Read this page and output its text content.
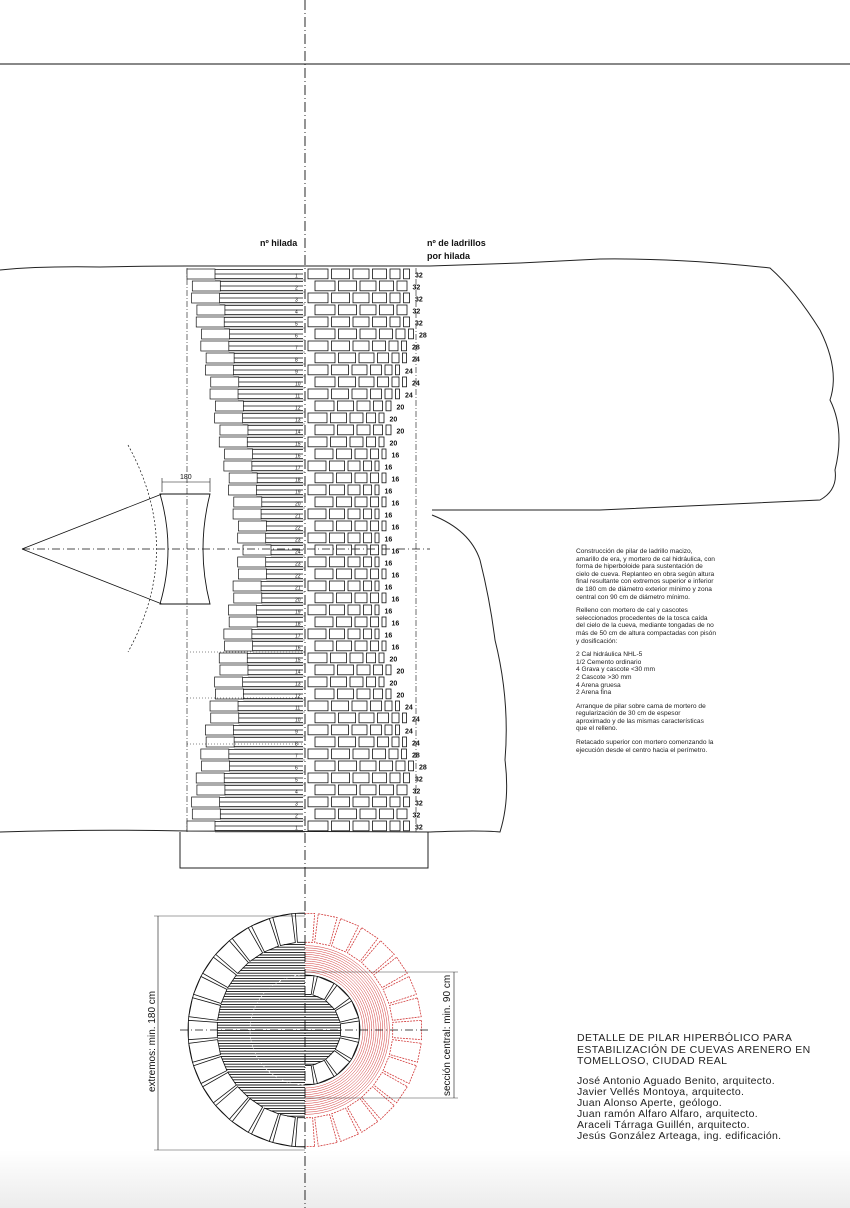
nº hilada	nº de ladrillos
por hilada
1
2
3
4
5
6
7
8
9
10
11
12
13
14
15
16
17
18
19
20
21
22
23
24
23
22
21
20
19
18
17
16
15
14
13
12
11
10
9
8
7
6
5
4
3
2
1
32
32
32
32
32
28
28
24
24
24
24
20
20
20
20
16
16
16
16
16
16
16
16
16
16
16
16
16
16
16
16
16
20
20
20
20
24
24
24
24
28
28
32
32
32
32
32
180
extremos: min. 180 cm	sección central: min. 90 cm

Construcción de pilar de ladrillo macizo, amarillo de era, y mortero de cal hidráulica, con forma de hiperboloide para sustentación de cielo de cueva. Replanteo en obra según altura final resultante con extremos superior e inferior de 180 cm de diámetro exterior mínimo y zona central con 90 cm de diámetro mínimo.

Relleno con mortero de cal y cascotes seleccionados procedentes de la tosca caída del cielo de la cueva, mediante tongadas de no más de 50 cm de altura compactadas con pisón y dosificación:

2 Cal hidráulica NHL-5
1/2 Cemento ordinario
4 Grava y cascote <30 mm
2 Cascote >30 mm
4 Arena gruesa
2 Arena fina

Arranque de pilar sobre cama de mortero de regularización de 30 cm de espesor aproximado y de las mismas características que el relleno.

Retacado superior con mortero comenzando la ejecución desde el centro hacia el perímetro.

DETALLE DE PILAR HIPERBÓLICO PARA
ESTABILIZACIÓN DE CUEVAS ARENERO EN
TOMELLOSO, CIUDAD REAL
José Antonio Aguado Benito, arquitecto.
Javier Vellés Montoya, arquitecto.
Juan Alonso Aperte, geólogo.
Juan ramón Alfaro Alfaro, arquitecto.
Araceli Tárraga Guillén, arquitecto.
Jesús González Arteaga, ing. edificación.
